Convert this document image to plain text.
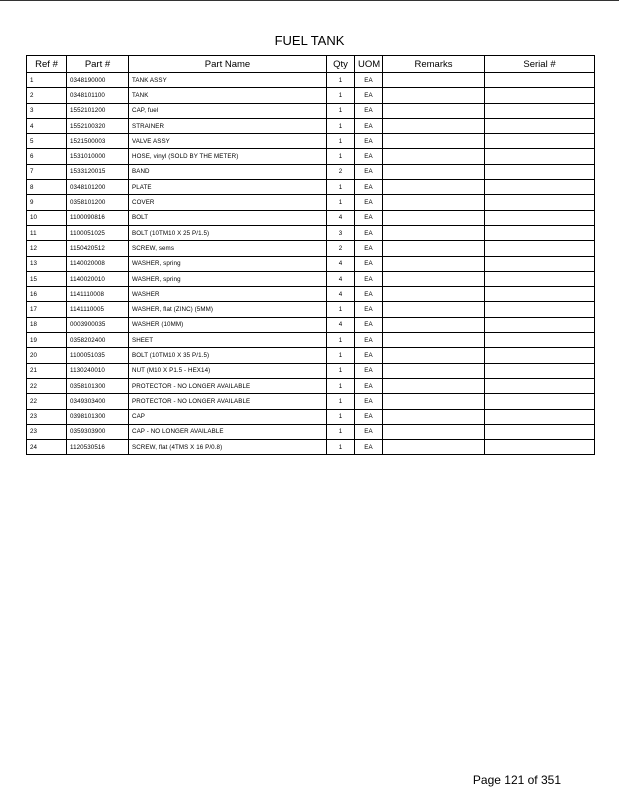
FUEL TANK
Ref #	Part #	Part Name	Qty	UOM	Remarks	Serial #
1	0348190000	TANK ASSY	1	EA		
2	0348101100	TANK	1	EA		
3	1552101200	CAP, fuel	1	EA		
4	1552100320	STRAINER	1	EA		
5	1521500003	VALVE ASSY	1	EA		
6	1531010000	HOSE, vinyl (SOLD BY THE METER)	1	EA		
7	1533120015	BAND	2	EA		
8	0348101200	PLATE	1	EA		
9	0358101200	COVER	1	EA		
10	1100090816	BOLT	4	EA		
11	1100051025	BOLT (10TM10 X 25 P/1.5)	3	EA		
12	1150420512	SCREW, sems	2	EA		
13	1140020008	WASHER, spring	4	EA		
15	1140020010	WASHER, spring	4	EA		
16	1141110008	WASHER	4	EA		
17	1141110005	WASHER, flat (ZINC) (5MM)	1	EA		
18	0003900035	WASHER (10MM)	4	EA		
19	0358202400	SHEET	1	EA		
20	1100051035	BOLT (10TM10 X 35 P/1.5)	1	EA		
21	1130240010	NUT (M10 X P1.5 - HEX14)	1	EA		
22	0358101300	PROTECTOR - NO LONGER AVAILABLE	1	EA		
22	0349303400	PROTECTOR - NO LONGER AVAILABLE	1	EA		
23	0398101300	CAP	1	EA		
23	0359303900	CAP - NO LONGER AVAILABLE	1	EA		
24	1120530516	SCREW, flat (4TMS X 16 P/0.8)	1	EA		
Page 121 of 351
